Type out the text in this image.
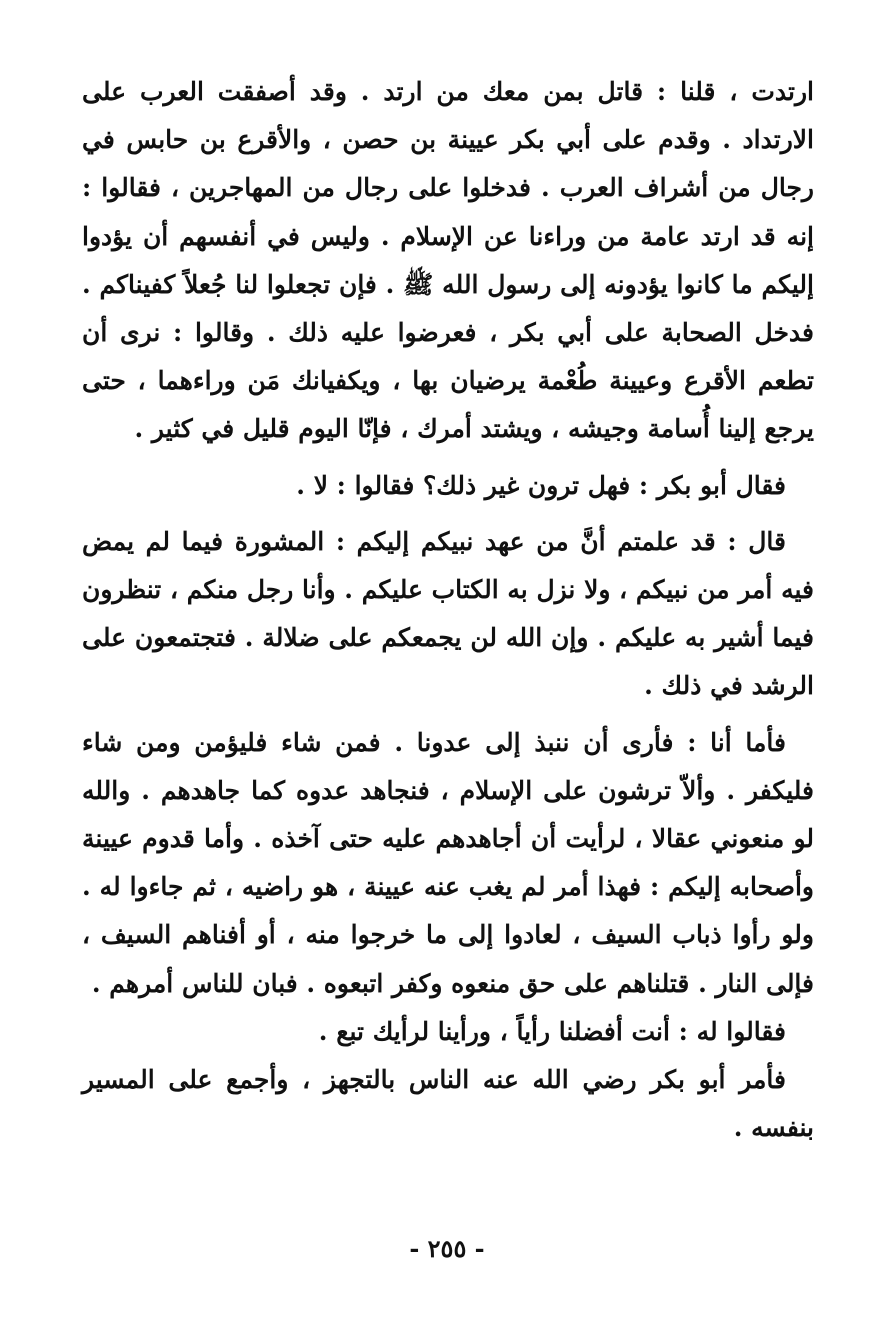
ارتدت ، قلنا : قاتل بمن معك من ارتد . وقد أصفقت العرب على الارتداد . وقدم على أبي بكر عيينة بن حصن ، والأقرع بن حابس في رجال من أشراف العرب . فدخلوا على رجال من المهاجرين ، فقالوا : إنه قد ارتد عامة من وراءنا عن الإسلام . وليس في أنفسهم أن يؤدوا إليكم ما كانوا يؤدونه إلى رسول الله ﷺ . فإن تجعلوا لنا جُعلاً كفيناكم . فدخل الصحابة على أبي بكر ، فعرضوا عليه ذلك . وقالوا : نرى أن تطعم الأقرع وعيينة طُعْمة يرضيان بها ، ويكفيانك مَن وراءهما ، حتى يرجع إلينا أُسامة وجيشه ، ويشتد أمرك ، فإنّا اليوم قليل في كثير .

فقال أبو بكر : فهل ترون غير ذلك؟ فقالوا : لا .

قال : قد علمتم أنَّ من عهد نبيكم إليكم : المشورة فيما لم يمض فيه أمر من نبيكم ، ولا نزل به الكتاب عليكم . وأنا رجل منكم ، تنظرون فيما أشير به عليكم . وإن الله لن يجمعكم على ضلالة . فتجتمعون على الرشد في ذلك .

فأما أنا : فأرى أن ننبذ إلى عدونا . فمن شاء فليؤمن ومن شاء فليكفر . وألاّ ترشون على الإسلام ، فنجاهد عدوه كما جاهدهم . والله لو منعوني عقالا ، لرأيت أن أجاهدهم عليه حتى آخذه . وأما قدوم عيينة وأصحابه إليكم : فهذا أمر لم يغب عنه عيينة ، هو راضيه ، ثم جاءوا له . ولو رأوا ذباب السيف ، لعادوا إلى ما خرجوا منه ، أو أفناهم السيف ، فإلى النار . قتلناهم على حق منعوه وكفر اتبعوه . فبان للناس أمرهم .

فقالوا له : أنت أفضلنا رأياً ، ورأينا لرأيك تبع .

فأمر أبو بكر رضي الله عنه الناس بالتجهز ، وأجمع على المسير بنفسه .

- ٢٥٥ -
